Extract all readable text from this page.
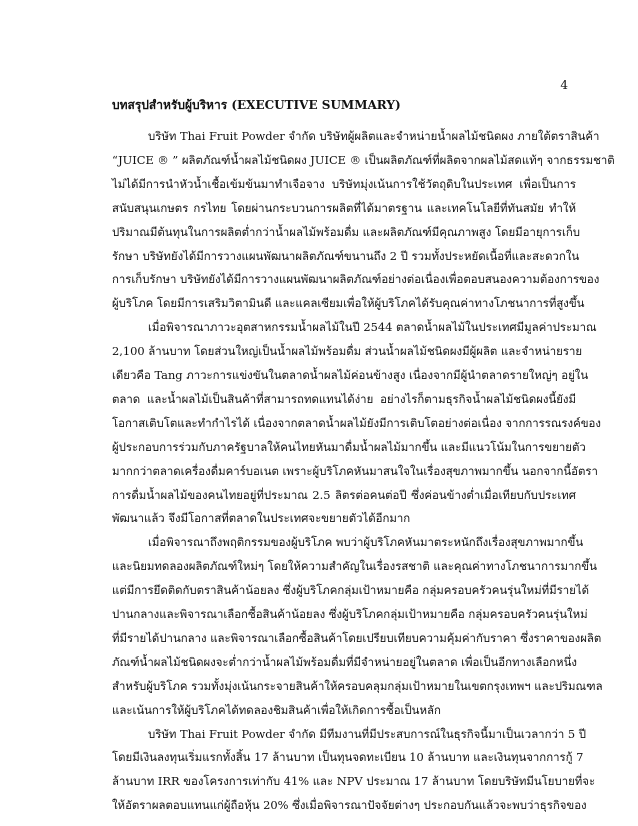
4
บทสรุปสำหรับผู้บริหาร (EXECUTIVE SUMMARY)
บริษัท Thai Fruit Powder จำกัด บริษัทผู้ผลิตและจำหน่ายน้ำผลไม้ชนิดผง ภายใต้ตราสินค้า
“JUICE ® ” ผลิตภัณฑ์น้ำผลไม้ชนิดผง JUICE ® เป็นผลิตภัณฑ์ที่ผลิตจากผลไม้สดแท้ๆ จากธรรมชาติ
ไม่ได้มีการนำหัวน้ำเชื้อเข้มข้นมาทำเจือจาง บริษัทมุ่งเน้นการใช้วัตถุดิบในประเทศ เพื่อเป็นการ
สนับสนุนเกษตร กรไทย โดยผ่านกระบวนการผลิตที่ได้มาตรฐาน และเทคโนโลยีที่ทันสมัย ทำให้
ปริมาณมีต้นทุนในการผลิตต่ำกว่าน้ำผลไม้พร้อมดื่ม และผลิตภัณฑ์มีคุณภาพสูง โดยมีอายุการเก็บ
รักษา บริษัทยังได้มีการวางแผนพัฒนาผลิตภัณฑ์ขนานถึง 2 ปี รวมทั้งประหยัดเนื้อที่และสะดวกใน
การเก็บรักษา บริษัทยังได้มีการวางแผนพัฒนาผลิตภัณฑ์อย่างต่อเนื่องเพื่อตอบสนองความต้องการของ
ผู้บริโภค โดยมีการเสริมวิตามินดี และแคลเซียมเพื่อให้ผู้บริโภคได้รับคุณค่าทางโภชนาการที่สูงขึ้น
เมื่อพิจารณาภาวะอุตสาหกรรมน้ำผลไม้ในปี 2544 ตลาดน้ำผลไม้ในประเทศมีมูลค่าประมาณ
2,100 ล้านบาท โดยส่วนใหญ่เป็นน้ำผลไม้พร้อมดื่ม ส่วนน้ำผลไม้ชนิดผงมีผู้ผลิต และจำหน่ายราย
เดียวคือ Tang ภาวะการแข่งขันในตลาดน้ำผลไม้ค่อนข้างสูง เนื่องจากมีผู้นำตลาดรายใหญ่ๆ อยู่ใน
ตลาด และน้ำผลไม้เป็นสินค้าที่สามารถทดแทนได้ง่าย อย่างไรก็ตามธุรกิจน้ำผลไม้ชนิดผงนี้ยังมี
โอกาสเติบโตและทำกำไรได้ เนื่องจากตลาดน้ำผลไม้ยังมีการเติบโตอย่างต่อเนื่อง จากการรณรงค์ของ
ผู้ประกอบการร่วมกับภาครัฐบาลให้คนไทยหันมาดื่มน้ำผลไม้มากขึ้น และมีแนวโน้มในการขยายตัว
มากกว่าตลาดเครื่องดื่มคาร์บอเนต เพราะผู้บริโภคหันมาสนใจในเรื่องสุขภาพมากขึ้น นอกจากนี้อัตรา
การดื่มน้ำผลไม้ของคนไทยอยู่ที่ประมาณ 2.5 ลิตรต่อคนต่อปี ซึ่งค่อนข้างต่ำเมื่อเทียบกับประเทศ
พัฒนาแล้ว จึงมีโอกาสที่ตลาดในประเทศจะขยายตัวได้อีกมาก
เมื่อพิจารณาถึงพฤติกรรมของผู้บริโภค พบว่าผู้บริโภคหันมาตระหนักถึงเรื่องสุขภาพมากขึ้น
และนิยมทดลองผลิตภัณฑ์ใหม่ๆ โดยให้ความสำคัญในเรื่องรสชาติ และคุณค่าทางโภชนาการมากขึ้น
แต่มีการยึดติดกับตราสินค้าน้อยลง ซึ่งผู้บริโภคกลุ่มเป้าหมายคือ กลุ่มครอบครัวคนรุ่นใหม่ที่มีรายได้
ปานกลางและพิจารณาเลือกซื้อสินค้าน้อยลง ซึ่งผู้บริโภคกลุ่มเป้าหมายคือ กลุ่มครอบครัวคนรุ่นใหม่
ที่มีรายได้ปานกลาง และพิจารณาเลือกซื้อสินค้าโดยเปรียบเทียบความคุ้มค่ากับราคา ซึ่งราคาของผลิต
ภัณฑ์น้ำผลไม้ชนิดผงจะต่ำกว่าน้ำผลไม้พร้อมดื่มที่มีจำหน่ายอยู่ในตลาด เพื่อเป็นอีกทางเลือกหนึ่ง
สำหรับผู้บริโภค รวมทั้งมุ่งเน้นกระจายสินค้าให้ครอบคลุมกลุ่มเป้าหมายในเขตกรุงเทพฯ และปริมณฑล
และเน้นการให้ผู้บริโภคได้ทดลองชิมสินค้าเพื่อให้เกิดการซื้อเป็นหลัก
บริษัท Thai Fruit Powder จำกัด มีทีมงานที่มีประสบการณ์ในธุรกิจนี้มาเป็นเวลากว่า 5 ปี
โดยมีเงินลงทุนเริ่มแรกทั้งสิ้น 17 ล้านบาท เป็นทุนจดทะเบียน 10 ล้านบาท และเงินทุนจากการกู้ 7
ล้านบาท IRR ของโครงการเท่ากับ 41% และ NPV ประมาณ 17 ล้านบาท โดยบริษัทมีนโยบายที่จะ
ให้อัตราผลตอบแทนแก่ผู้ถือหุ้น 20% ซึ่งเมื่อพิจารณาปัจจัยต่างๆ ประกอบกันแล้วจะพบว่าธุรกิจของ
